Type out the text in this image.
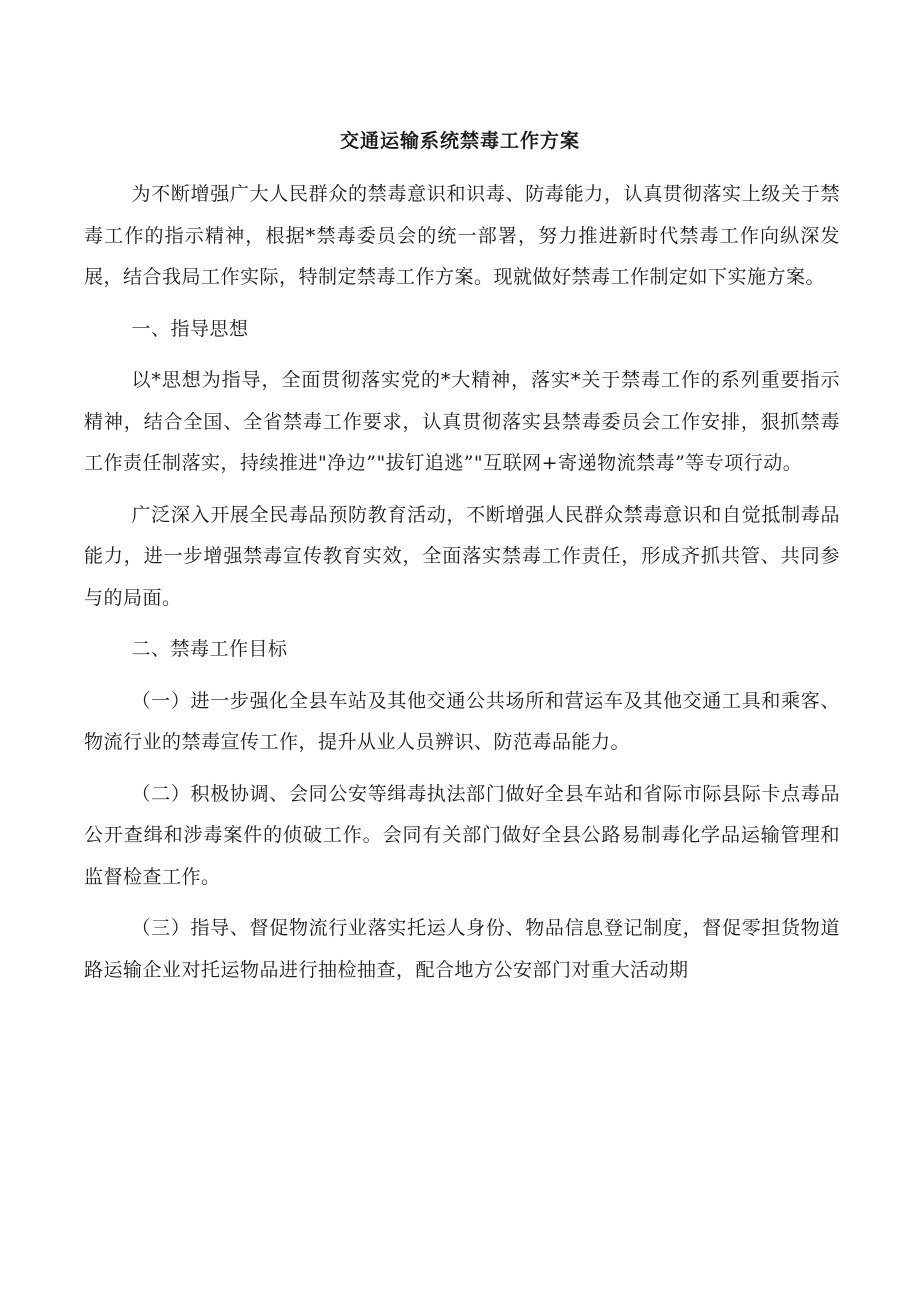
交通运输系统禁毒工作方案

为不断增强广大人民群众的禁毒意识和识毒、防毒能力，认真贯彻落实上级关于禁毒工作的指示精神，根据*禁毒委员会的统一部署，努力推进新时代禁毒工作向纵深发展，结合我局工作实际，特制定禁毒工作方案。现就做好禁毒工作制定如下实施方案。

一、指导思想

以*思想为指导，全面贯彻落实党的*大精神，落实*关于禁毒工作的系列重要指示精神，结合全国、全省禁毒工作要求，认真贯彻落实县禁毒委员会工作安排，狠抓禁毒工作责任制落实，持续推进"净边”"拔钉追逃”"互联网+寄递物流禁毒”等专项行动。

广泛深入开展全民毒品预防教育活动，不断增强人民群众禁毒意识和自觉抵制毒品能力，进一步增强禁毒宣传教育实效，全面落实禁毒工作责任，形成齐抓共管、共同参与的局面。

二、禁毒工作目标

（一）进一步强化全县车站及其他交通公共场所和营运车及其他交通工具和乘客、物流行业的禁毒宣传工作，提升从业人员辨识、防范毒品能力。

（二）积极协调、会同公安等缉毒执法部门做好全县车站和省际市际县际卡点毒品公开查缉和涉毒案件的侦破工作。会同有关部门做好全县公路易制毒化学品运输管理和监督检查工作。

（三）指导、督促物流行业落实托运人身份、物品信息登记制度，督促零担货物道路运输企业对托运物品进行抽检抽查，配合地方公安部门对重大活动期
